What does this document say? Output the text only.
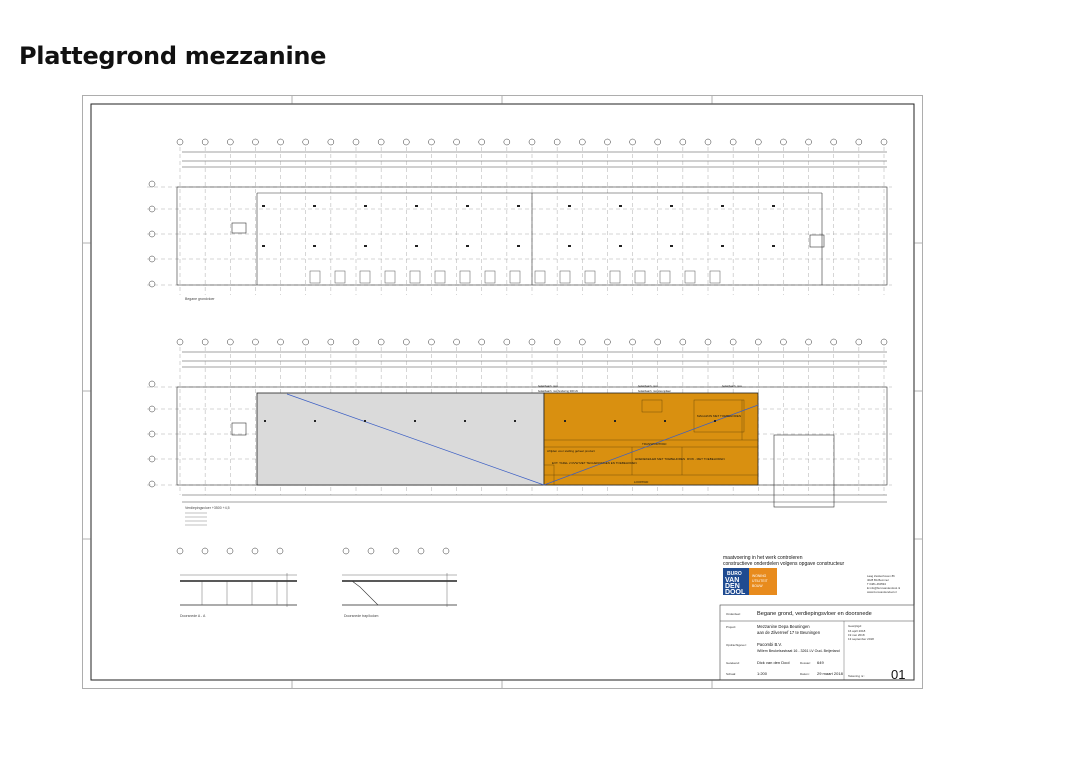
Plattegrond mezzanine
Begane grondvloer
TRANSPORTPAD
Afrijden voor stelling geheel product
EVT. TAFEL 2 RVW MET TECHEKKINGEN EN TOEBEHOREN
HOEDEKEILER MET TOEBEHOREN RVW - MET TOEBEHOREN
LOOPPAD
MAGAZIJN MET TOEBEHOREN
belastbaarh. max	belastbaarh. max	belastbaarh. max
belastbaarh. met fundering 300 kN	belastbaarh. met steunpilaar
Verdiepingsvloer +3500 +4,5
Doorsnede A - A	Doorsnede trap/kolom
maatvoering in het werk controleren
constructieve onderdelen volgens opgave constructeur
BURO
VAN
DEN
DOOL
WONING
UTILITEIT
BOUW
Laag Zestienhoven 86
4028 BA Bemmel
T 0481-460594
E info@burovandendool.nl
www.burovandendool.nl
Onderdeel:	Begane grond, verdiepingsvloer en doorsnede
Project:	Mezzanine Depa Beuningen
aan de Zilverreef 17 te Beuningen
Opdrachtgever: Pacombi B.V.
Willem Beukelszstraat 16 - 3261 LV Oud- Beijerland
Getekend:	Dick van den Dool	Dossier: 649
Schaal:	1:200	Datum: 29 maart 2018
Gewijzigd:
16 april 2018
19 mei 2018
13 september 2018
Tekening nr.: 01
